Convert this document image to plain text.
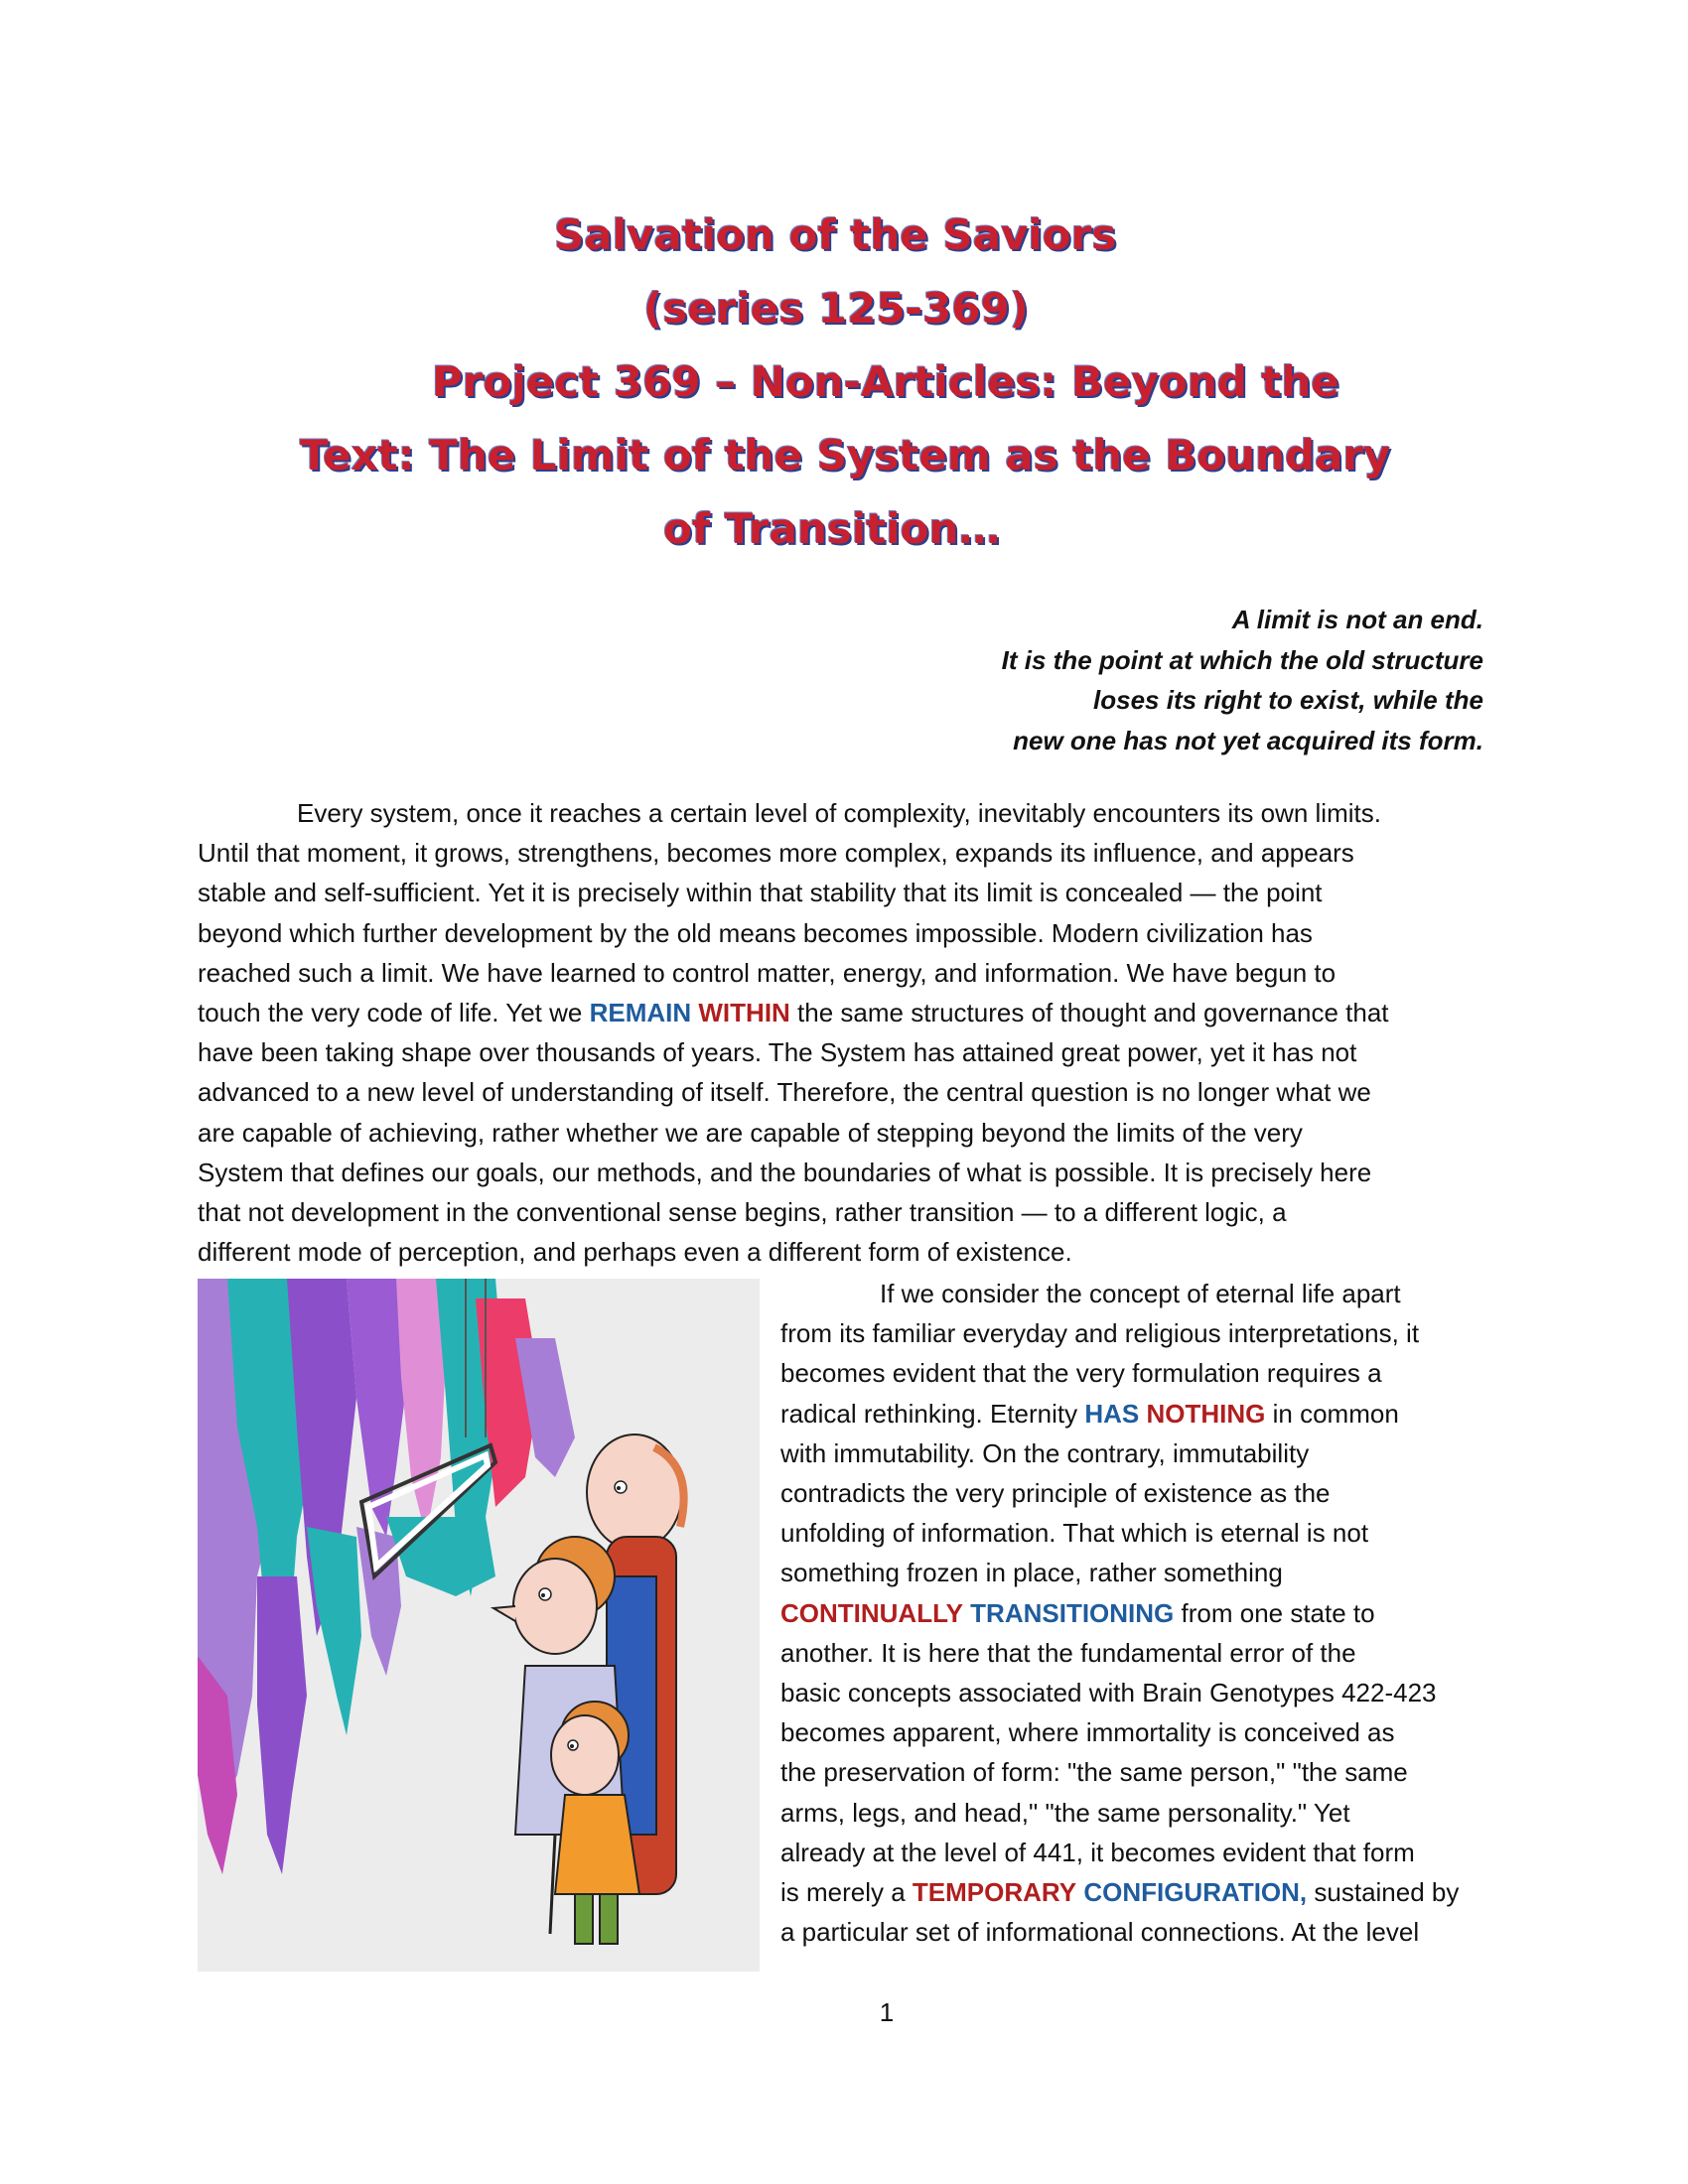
Salvation of the Saviors
(series 125-369)
Project 369 – Non-Articles: Beyond the
Text: The Limit of the System as the Boundary
of Transition…
A limit is not an end.
It is the point at which the old structure
loses its right to exist, while the
new one has not yet acquired its form.
Every system, once it reaches a certain level of complexity, inevitably encounters its own limits.
Until that moment, it grows, strengthens, becomes more complex, expands its influence, and appears
stable and self-sufficient. Yet it is precisely within that stability that its limit is concealed — the point
beyond which further development by the old means becomes impossible. Modern civilization has
reached such a limit. We have learned to control matter, energy, and information. We have begun to
touch the very code of life. Yet we REMAIN WITHIN the same structures of thought and governance that
have been taking shape over thousands of years. The System has attained great power, yet it has not
advanced to a new level of understanding of itself. Therefore, the central question is no longer what we
are capable of achieving, rather whether we are capable of stepping beyond the limits of the very
System that defines our goals, our methods, and the boundaries of what is possible. It is precisely here
that not development in the conventional sense begins, rather transition — to a different logic, a
different mode of perception, and perhaps even a different form of existence.
If we consider the concept of eternal life apart
from its familiar everyday and religious interpretations, it
becomes evident that the very formulation requires a
radical rethinking. Eternity HAS NOTHING in common
with immutability. On the contrary, immutability
contradicts the very principle of existence as the
unfolding of information. That which is eternal is not
something frozen in place, rather something
CONTINUALLY TRANSITIONING from one state to
another. It is here that the fundamental error of the
basic concepts associated with Brain Genotypes 422-423
becomes apparent, where immortality is conceived as
the preservation of form: "the same person," "the same
arms, legs, and head," "the same personality." Yet
already at the level of 441, it becomes evident that form
is merely a TEMPORARY CONFIGURATION, sustained by
a particular set of informational connections. At the level
1
